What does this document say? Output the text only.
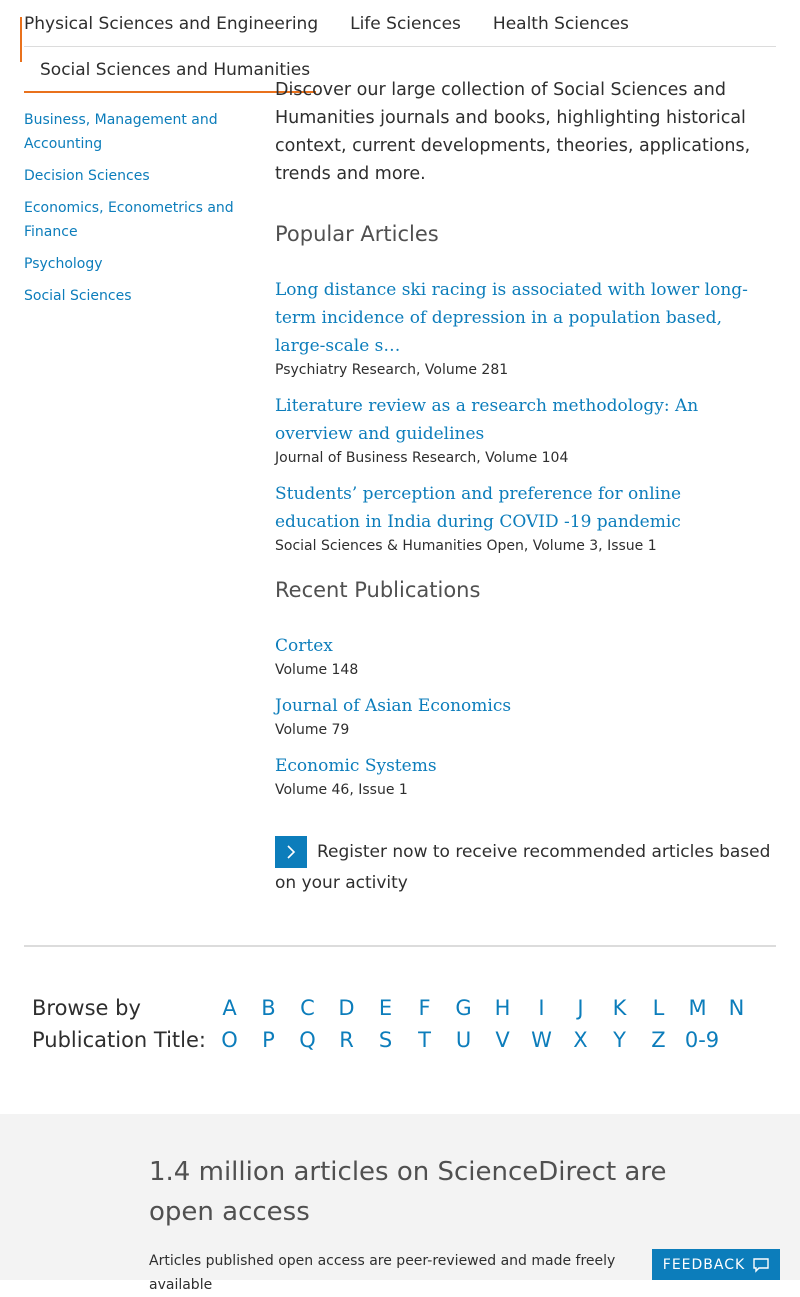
Physical Sciences and Engineering Life Sciences Health Sciences
Social Sciences and Humanities
Business, Management and Accounting
Decision Sciences
Economics, Econometrics and Finance
Psychology
Social Sciences

Discover our large collection of Social Sciences and Humanities journals and books, highlighting historical context, current developments, theories, applications, trends and more.

Popular Articles
Long distance ski racing is associated with lower long-term incidence of depression in a population based, large-scale s…
Psychiatry Research, Volume 281
Literature review as a research methodology: An overview and guidelines
Journal of Business Research, Volume 104
Students’ perception and preference for online education in India during COVID -19 pandemic
Social Sciences & Humanities Open, Volume 3, Issue 1
Recent Publications
Cortex
Volume 148
Journal of Asian Economics
Volume 79
Economic Systems
Volume 46, Issue 1
Register now to receive recommended articles based on your activity
Browse by Publication Title:
A	B	C	D	E	F	G	H	I	J	K	L	M	N
O	P	Q	R	S	T	U	V	W	X	Y	Z 0-9
1.4 million articles on ScienceDirect are open access

Articles published open access are peer-reviewed and made freely available

FEEDBACK
